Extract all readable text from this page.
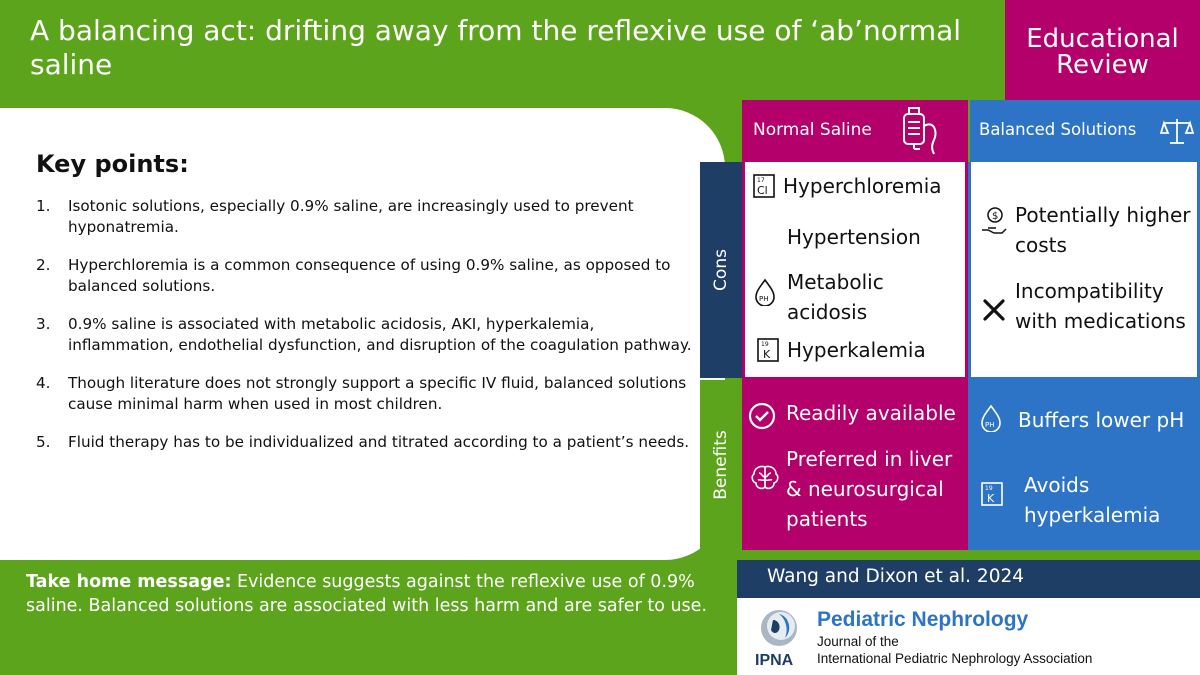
A balancing act: drifting away from the reflexive use of ‘ab’normal saline
Educational
Review
Key points:
1.	Isotonic solutions, especially 0.9% saline, are increasingly used to prevent hyponatremia.
2.	Hyperchloremia is a common consequence of using 0.9% saline, as opposed to balanced solutions.
3.	0.9% saline is associated with metabolic acidosis, AKI, hyperkalemia, inflammation, endothelial dysfunction, and disruption of the coagulation pathway.
4.	Though literature does not strongly support a specific IV fluid, balanced solutions cause minimal harm when used in most children.
5.	Fluid therapy has to be individualized and titrated according to a patient’s needs.
Take home message: Evidence suggests against the reflexive use of 0.9% saline. Balanced solutions are associated with less harm and are safer to use.
Cons
Benefits
Normal Saline	Balanced Solutions
17
Cl Hyperchloremia
Hypertension
PH
Metabolic acidosis
19
K Hyperkalemia
$ Potentially higher costs
Incompatibility with medications
Readily available
Preferred in liver & neurosurgical patients
PH Buffers lower pH
19
K
Avoids hyperkalemia
Wang and Dixon et al. 2024
IPNA
Pediatric Nephrology
Journal of the
International Pediatric Nephrology Association
